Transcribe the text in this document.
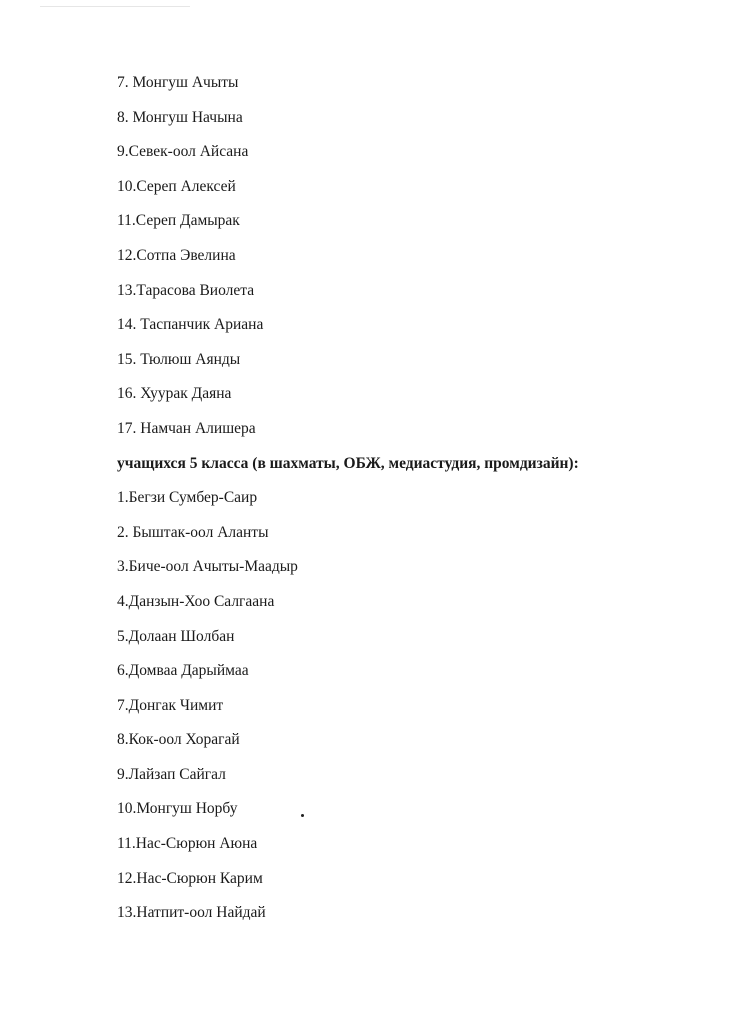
7. Монгуш Ачыты
8. Монгуш Начына
9.Севек-оол Айсана
10.Сереп Алексей
11.Сереп Дамырак
12.Сотпа Эвелина
13.Тарасова Виолета
14. Таспанчик Ариана
15. Тюлюш Аянды
16. Хуурак Даяна
17. Намчан Алишера
учащихся 5 класса (в шахматы, ОБЖ, медиастудия, промдизайн):
1.Бегзи Сумбер-Саир
2. Быштак-оол Аланты
3.Биче-оол Ачыты-Маадыр
4.Данзын-Хоо Салгаана
5.Долаан Шолбан
6.Домваа Дарыймаа
7.Донгак Чимит
8.Кок-оол Хорагай
9.Лайзап Сайгал
10.Монгуш Норбу
11.Нас-Сюрюн Аюна
12.Нас-Сюрюн Карим
13.Натпит-оол Найдай
